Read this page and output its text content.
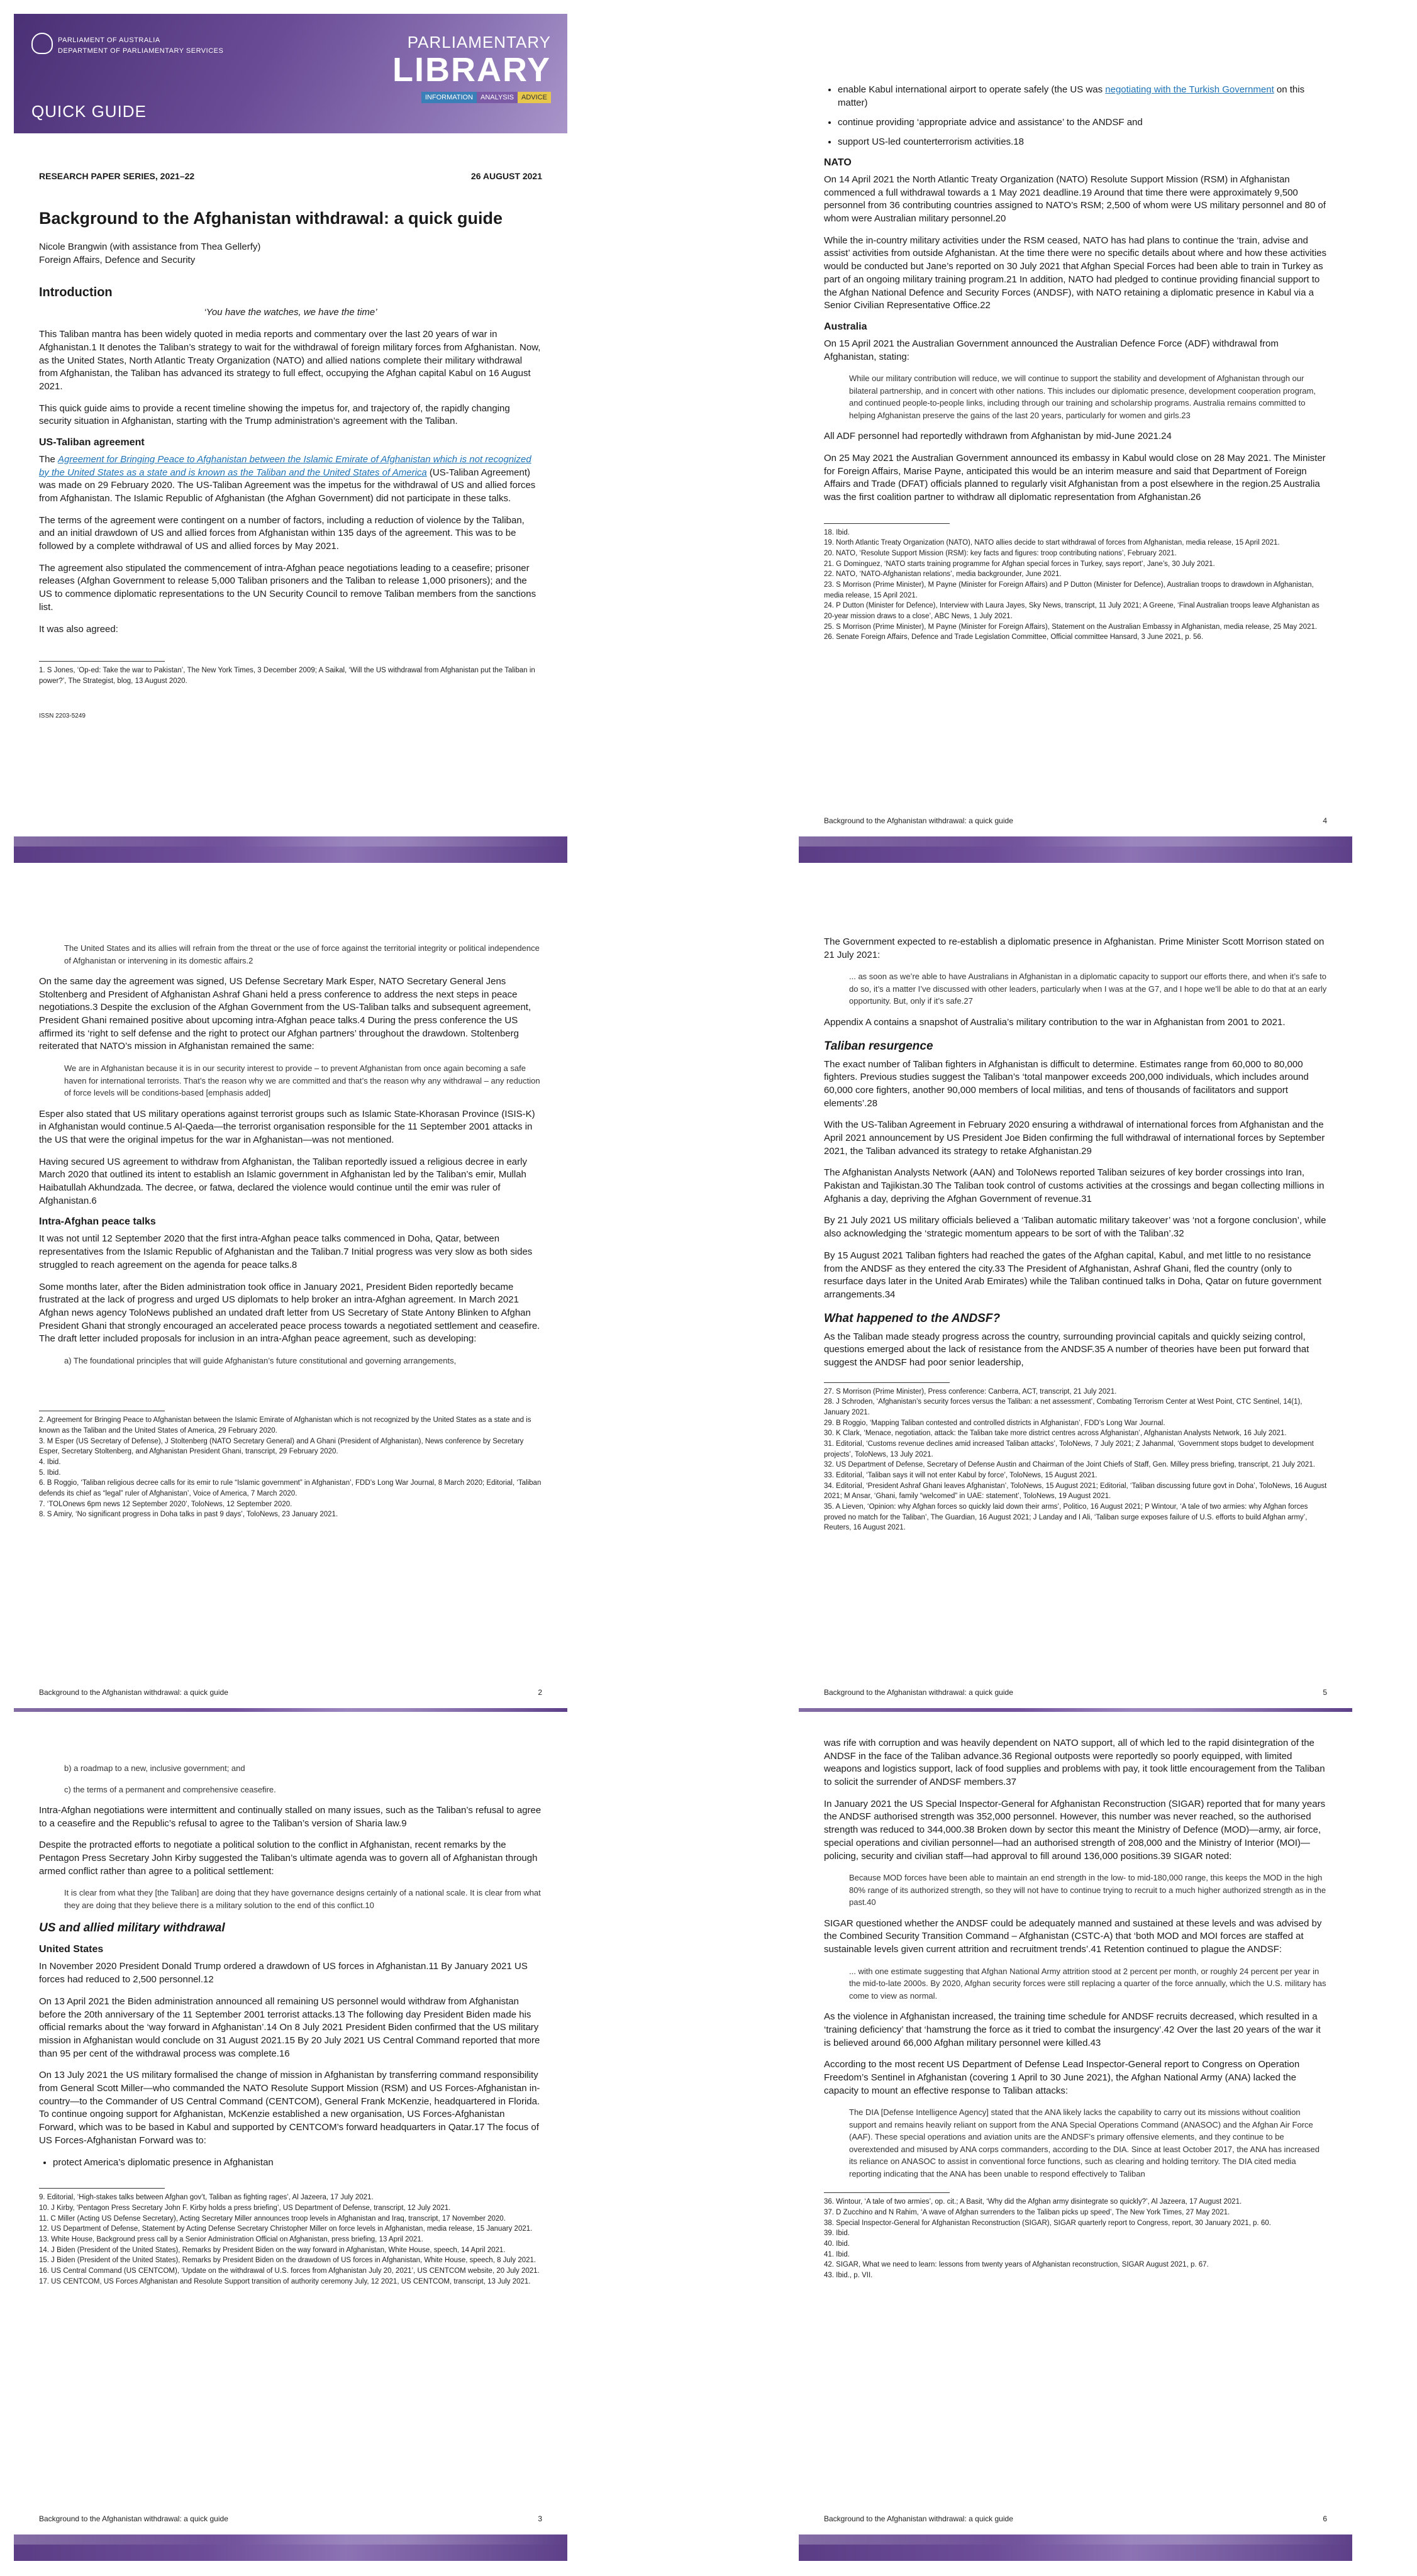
PARLIAMENT OF AUSTRALIA
DEPARTMENT OF PARLIAMENTARY SERVICES	PARLIAMENTARY
LIBRARY
INFORMATION	ANALYSIS	ADVICE
QUICK GUIDE
RESEARCH PAPER SERIES, 2021–22	26 AUGUST 2021
Background to the Afghanistan withdrawal: a quick guide

Nicole Brangwin (with assistance from Thea Gellerfy)

Foreign Affairs, Defence and Security

Introduction

‘You have the watches, we have the time’

This Taliban mantra has been widely quoted in media reports and commentary over the last 20 years of war in Afghanistan.1 It denotes the Taliban’s strategy to wait for the withdrawal of foreign military forces from Afghanistan. Now, as the United States, North Atlantic Treaty Organization (NATO) and allied nations complete their military withdrawal from Afghanistan, the Taliban has advanced its strategy to full effect, occupying the Afghan capital Kabul on 16 August 2021.

This quick guide aims to provide a recent timeline showing the impetus for, and trajectory of, the rapidly changing security situation in Afghanistan, starting with the Trump administration’s agreement with the Taliban.

US-Taliban agreement

The Agreement for Bringing Peace to Afghanistan between the Islamic Emirate of Afghanistan which is not recognized by the United States as a state and is known as the Taliban and the United States of America (US-Taliban Agreement) was made on 29 February 2020. The US-Taliban Agreement was the impetus for the withdrawal of US and allied forces from Afghanistan. The Islamic Republic of Afghanistan (the Afghan Government) did not participate in these talks.

The terms of the agreement were contingent on a number of factors, including a reduction of violence by the Taliban, and an initial drawdown of US and allied forces from Afghanistan within 135 days of the agreement. This was to be followed by a complete withdrawal of US and allied forces by May 2021.

The agreement also stipulated the commencement of intra-Afghan peace negotiations leading to a ceasefire; prisoner releases (Afghan Government to release 5,000 Taliban prisoners and the Taliban to release 1,000 prisoners); and the US to commence diplomatic representations to the UN Security Council to remove Taliban members from the sanctions list.

It was also agreed:

1. S Jones, ‘Op-ed: Take the war to Pakistan’, The New York Times, 3 December 2009; A Saikal, ‘Will the US withdrawal from Afghanistan put the Taliban in power?’, The Strategist, blog, 13 August 2020.

ISSN 2203-5249

• enable Kabul international airport to operate safely (the US was negotiating with the Turkish Government on this matter)
• continue providing ‘appropriate advice and assistance’ to the ANDSF and
• support US-led counterterrorism activities.18
NATO

On 14 April 2021 the North Atlantic Treaty Organization (NATO) Resolute Support Mission (RSM) in Afghanistan commenced a full withdrawal towards a 1 May 2021 deadline.19 Around that time there were approximately 9,500 personnel from 36 contributing countries assigned to NATO’s RSM; 2,500 of whom were US military personnel and 80 of whom were Australian military personnel.20

While the in-country military activities under the RSM ceased, NATO has had plans to continue the ‘train, advise and assist’ activities from outside Afghanistan. At the time there were no specific details about where and how these activities would be conducted but Jane’s reported on 30 July 2021 that Afghan Special Forces had been able to train in Turkey as part of an ongoing military training program.21 In addition, NATO had pledged to continue providing financial support to the Afghan National Defence and Security Forces (ANDSF), with NATO retaining a diplomatic presence in Kabul via a Senior Civilian Representative Office.22

Australia

On 15 April 2021 the Australian Government announced the Australian Defence Force (ADF) withdrawal from Afghanistan, stating:

While our military contribution will reduce, we will continue to support the stability and development of Afghanistan through our bilateral partnership, and in concert with other nations. This includes our diplomatic presence, development cooperation program, and continued people-to-people links, including through our training and scholarship programs. Australia remains committed to helping Afghanistan preserve the gains of the last 20 years, particularly for women and girls.23

All ADF personnel had reportedly withdrawn from Afghanistan by mid-June 2021.24

On 25 May 2021 the Australian Government announced its embassy in Kabul would close on 28 May 2021. The Minister for Foreign Affairs, Marise Payne, anticipated this would be an interim measure and said that Department of Foreign Affairs and Trade (DFAT) officials planned to regularly visit Afghanistan from a post elsewhere in the region.25 Australia was the first coalition partner to withdraw all diplomatic representation from Afghanistan.26

18. Ibid.

19. North Atlantic Treaty Organization (NATO), NATO allies decide to start withdrawal of forces from Afghanistan, media release, 15 April 2021.

20. NATO, ‘Resolute Support Mission (RSM): key facts and figures: troop contributing nations’, February 2021.

21. G Dominguez, ‘NATO starts training programme for Afghan special forces in Turkey, says report’, Jane’s, 30 July 2021.

22. NATO, ‘NATO-Afghanistan relations’, media backgrounder, June 2021.

23. S Morrison (Prime Minister), M Payne (Minister for Foreign Affairs) and P Dutton (Minister for Defence), Australian troops to drawdown in Afghanistan, media release, 15 April 2021.

24. P Dutton (Minister for Defence), Interview with Laura Jayes, Sky News, transcript, 11 July 2021; A Greene, ‘Final Australian troops leave Afghanistan as 20-year mission draws to a close’, ABC News, 1 July 2021.

25. S Morrison (Prime Minister), M Payne (Minister for Foreign Affairs), Statement on the Australian Embassy in Afghanistan, media release, 25 May 2021.

26. Senate Foreign Affairs, Defence and Trade Legislation Committee, Official committee Hansard, 3 June 2021, p. 56.

Background to the Afghanistan withdrawal: a quick guide	4

The United States and its allies will refrain from the threat or the use of force against the territorial integrity or political independence of Afghanistan or intervening in its domestic affairs.2

On the same day the agreement was signed, US Defense Secretary Mark Esper, NATO Secretary General Jens Stoltenberg and President of Afghanistan Ashraf Ghani held a press conference to address the next steps in peace negotiations.3 Despite the exclusion of the Afghan Government from the US-Taliban talks and subsequent agreement, President Ghani remained positive about upcoming intra-Afghan peace talks.4 During the press conference the US affirmed its ‘right to self defense and the right to protect our Afghan partners’ throughout the drawdown. Stoltenberg reiterated that NATO’s mission in Afghanistan remained the same:

We are in Afghanistan because it is in our security interest to provide – to prevent Afghanistan from once again becoming a safe haven for international terrorists. That’s the reason why we are committed and that’s the reason why any withdrawal – any reduction of force levels will be conditions-based [emphasis added]

Esper also stated that US military operations against terrorist groups such as Islamic State-Khorasan Province (ISIS-K) in Afghanistan would continue.5 Al-Qaeda—the terrorist organisation responsible for the 11 September 2001 attacks in the US that were the original impetus for the war in Afghanistan—was not mentioned.

Having secured US agreement to withdraw from Afghanistan, the Taliban reportedly issued a religious decree in early March 2020 that outlined its intent to establish an Islamic government in Afghanistan led by the Taliban’s emir, Mullah Haibatullah Akhundzada. The decree, or fatwa, declared the violence would continue until the emir was ruler of Afghanistan.6

Intra-Afghan peace talks

It was not until 12 September 2020 that the first intra-Afghan peace talks commenced in Doha, Qatar, between representatives from the Islamic Republic of Afghanistan and the Taliban.7 Initial progress was very slow as both sides struggled to reach agreement on the agenda for peace talks.8

Some months later, after the Biden administration took office in January 2021, President Biden reportedly became frustrated at the lack of progress and urged US diplomats to help broker an intra-Afghan agreement. In March 2021 Afghan news agency ToloNews published an undated draft letter from US Secretary of State Antony Blinken to Afghan President Ghani that strongly encouraged an accelerated peace process towards a negotiated settlement and ceasefire. The draft letter included proposals for inclusion in an intra-Afghan peace agreement, such as developing:

a) The foundational principles that will guide Afghanistan’s future constitutional and governing arrangements,

2. Agreement for Bringing Peace to Afghanistan between the Islamic Emirate of Afghanistan which is not recognized by the United States as a state and is known as the Taliban and the United States of America, 29 February 2020.

3. M Esper (US Secretary of Defense), J Stoltenberg (NATO Secretary General) and A Ghani (President of Afghanistan), News conference by Secretary Esper, Secretary Stoltenberg, and Afghanistan President Ghani, transcript, 29 February 2020.

4. Ibid.

5. Ibid.

6. B Roggio, ‘Taliban religious decree calls for its emir to rule “Islamic government” in Afghanistan’, FDD’s Long War Journal, 8 March 2020; Editorial, ‘Taliban defends its chief as “legal” ruler of Afghanistan’, Voice of America, 7 March 2020.

7. ‘TOLOnews 6pm news 12 September 2020’, ToloNews, 12 September 2020.

8. S Amiry, ‘No significant progress in Doha talks in past 9 days’, ToloNews, 23 January 2021.

Background to the Afghanistan withdrawal: a quick guide	2

The Government expected to re-establish a diplomatic presence in Afghanistan. Prime Minister Scott Morrison stated on 21 July 2021:

... as soon as we’re able to have Australians in Afghanistan in a diplomatic capacity to support our efforts there, and when it’s safe to do so, it’s a matter I’ve discussed with other leaders, particularly when I was at the G7, and I hope we’ll be able to do that at an early opportunity. But, only if it’s safe.27

Appendix A contains a snapshot of Australia’s military contribution to the war in Afghanistan from 2001 to 2021.

Taliban resurgence

The exact number of Taliban fighters in Afghanistan is difficult to determine. Estimates range from 60,000 to 80,000 fighters. Previous studies suggest the Taliban’s ‘total manpower exceeds 200,000 individuals, which includes around 60,000 core fighters, another 90,000 members of local militias, and tens of thousands of facilitators and support elements’.28

With the US-Taliban Agreement in February 2020 ensuring a withdrawal of international forces from Afghanistan and the April 2021 announcement by US President Joe Biden confirming the full withdrawal of international forces by September 2021, the Taliban advanced its strategy to retake Afghanistan.29

The Afghanistan Analysts Network (AAN) and ToloNews reported Taliban seizures of key border crossings into Iran, Pakistan and Tajikistan.30 The Taliban took control of customs activities at the crossings and began collecting millions in Afghanis a day, depriving the Afghan Government of revenue.31

By 21 July 2021 US military officials believed a ‘Taliban automatic military takeover’ was ‘not a forgone conclusion’, while also acknowledging the ‘strategic momentum appears to be sort of with the Taliban’.32

By 15 August 2021 Taliban fighters had reached the gates of the Afghan capital, Kabul, and met little to no resistance from the ANDSF as they entered the city.33 The President of Afghanistan, Ashraf Ghani, fled the country (only to resurface days later in the United Arab Emirates) while the Taliban continued talks in Doha, Qatar on future government arrangements.34

What happened to the ANDSF?

As the Taliban made steady progress across the country, surrounding provincial capitals and quickly seizing control, questions emerged about the lack of resistance from the ANDSF.35 A number of theories have been put forward that suggest the ANDSF had poor senior leadership,

27. S Morrison (Prime Minister), Press conference: Canberra, ACT, transcript, 21 July 2021.

28. J Schroden, ‘Afghanistan’s security forces versus the Taliban: a net assessment’, Combating Terrorism Center at West Point, CTC Sentinel, 14(1), January 2021.

29. B Roggio, ‘Mapping Taliban contested and controlled districts in Afghanistan’, FDD’s Long War Journal.

30. K Clark, ‘Menace, negotiation, attack: the Taliban take more district centres across Afghanistan’, Afghanistan Analysts Network, 16 July 2021.

31. Editorial, ‘Customs revenue declines amid increased Taliban attacks’, ToloNews, 7 July 2021; Z Jahanmal, ‘Government stops budget to development projects’, ToloNews, 13 July 2021.

32. US Department of Defense, Secretary of Defense Austin and Chairman of the Joint Chiefs of Staff, Gen. Milley press briefing, transcript, 21 July 2021.

33. Editorial, ‘Taliban says it will not enter Kabul by force’, ToloNews, 15 August 2021.

34. Editorial, ‘President Ashraf Ghani leaves Afghanistan’, ToloNews, 15 August 2021; Editorial, ‘Taliban discussing future govt in Doha’, ToloNews, 16 August 2021; M Ansar, ‘Ghani, family “welcomed” in UAE: statement’, ToloNews, 19 August 2021.

35. A Lieven, ‘Opinion: why Afghan forces so quickly laid down their arms’, Politico, 16 August 2021; P Wintour, ‘A tale of two armies: why Afghan forces proved no match for the Taliban’, The Guardian, 16 August 2021; J Landay and I Ali, ‘Taliban surge exposes failure of U.S. efforts to build Afghan army’, Reuters, 16 August 2021.

Background to the Afghanistan withdrawal: a quick guide	5

b) a roadmap to a new, inclusive government; and

c) the terms of a permanent and comprehensive ceasefire.

Intra-Afghan negotiations were intermittent and continually stalled on many issues, such as the Taliban’s refusal to agree to a ceasefire and the Republic’s refusal to agree to the Taliban’s version of Sharia law.9

Despite the protracted efforts to negotiate a political solution to the conflict in Afghanistan, recent remarks by the Pentagon Press Secretary John Kirby suggested the Taliban’s ultimate agenda was to govern all of Afghanistan through armed conflict rather than agree to a political settlement:

It is clear from what they [the Taliban] are doing that they have governance designs certainly of a national scale. It is clear from what they are doing that they believe there is a military solution to the end of this conflict.10

US and allied military withdrawal
United States

In November 2020 President Donald Trump ordered a drawdown of US forces in Afghanistan.11 By January 2021 US forces had reduced to 2,500 personnel.12

On 13 April 2021 the Biden administration announced all remaining US personnel would withdraw from Afghanistan before the 20th anniversary of the 11 September 2001 terrorist attacks.13 The following day President Biden made his official remarks about the ‘way forward in Afghanistan’.14 On 8 July 2021 President Biden confirmed that the US military mission in Afghanistan would conclude on 31 August 2021.15 By 20 July 2021 US Central Command reported that more than 95 per cent of the withdrawal process was complete.16

On 13 July 2021 the US military formalised the change of mission in Afghanistan by transferring command responsibility from General Scott Miller—who commanded the NATO Resolute Support Mission (RSM) and US Forces-Afghanistan in-country—to the Commander of US Central Command (CENTCOM), General Frank McKenzie, headquartered in Florida. To continue ongoing support for Afghanistan, McKenzie established a new organisation, US Forces-Afghanistan Forward, which was to be based in Kabul and supported by CENTCOM’s forward headquarters in Qatar.17 The focus of US Forces-Afghanistan Forward was to:

• protect America’s diplomatic presence in Afghanistan

9. Editorial, ‘High-stakes talks between Afghan gov’t, Taliban as fighting rages’, Al Jazeera, 17 July 2021.

10. J Kirby, ‘Pentagon Press Secretary John F. Kirby holds a press briefing’, US Department of Defense, transcript, 12 July 2021.

11. C Miller (Acting US Defense Secretary), Acting Secretary Miller announces troop levels in Afghanistan and Iraq, transcript, 17 November 2020.

12. US Department of Defense, Statement by Acting Defense Secretary Christopher Miller on force levels in Afghanistan, media release, 15 January 2021.

13. White House, Background press call by a Senior Administration Official on Afghanistan, press briefing, 13 April 2021.

14. J Biden (President of the United States), Remarks by President Biden on the way forward in Afghanistan, White House, speech, 14 April 2021.

15. J Biden (President of the United States), Remarks by President Biden on the drawdown of US forces in Afghanistan, White House, speech, 8 July 2021.

16. US Central Command (US CENTCOM), ‘Update on the withdrawal of U.S. forces from Afghanistan July 20, 2021’, US CENTCOM website, 20 July 2021.

17. US CENTCOM, US Forces Afghanistan and Resolute Support transition of authority ceremony July, 12 2021, US CENTCOM, transcript, 13 July 2021.

Background to the Afghanistan withdrawal: a quick guide	3

was rife with corruption and was heavily dependent on NATO support, all of which led to the rapid disintegration of the ANDSF in the face of the Taliban advance.36 Regional outposts were reportedly so poorly equipped, with limited weapons and logistics support, lack of food supplies and problems with pay, it took little encouragement from the Taliban to solicit the surrender of ANDSF members.37

In January 2021 the US Special Inspector-General for Afghanistan Reconstruction (SIGAR) reported that for many years the ANDSF authorised strength was 352,000 personnel. However, this number was never reached, so the authorised strength was reduced to 344,000.38 Broken down by sector this meant the Ministry of Defence (MOD)—army, air force, special operations and civilian personnel—had an authorised strength of 208,000 and the Ministry of Interior (MOI)—policing, security and civilian staff—had approval to fill around 136,000 positions.39 SIGAR noted:

Because MOD forces have been able to maintain an end strength in the low- to mid-180,000 range, this keeps the MOD in the high 80% range of its authorized strength, so they will not have to continue trying to recruit to a much higher authorized strength as in the past.40

SIGAR questioned whether the ANDSF could be adequately manned and sustained at these levels and was advised by the Combined Security Transition Command – Afghanistan (CSTC-A) that ‘both MOD and MOI forces are staffed at sustainable levels given current attrition and recruitment trends’.41 Retention continued to plague the ANDSF:

... with one estimate suggesting that Afghan National Army attrition stood at 2 percent per month, or roughly 24 percent per year in the mid-to-late 2000s. By 2020, Afghan security forces were still replacing a quarter of the force annually, which the U.S. military has come to view as normal.

As the violence in Afghanistan increased, the training time schedule for ANDSF recruits decreased, which resulted in a ‘training deficiency’ that ‘hamstrung the force as it tried to combat the insurgency’.42 Over the last 20 years of the war it is believed around 66,000 Afghan military personnel were killed.43

According to the most recent US Department of Defense Lead Inspector-General report to Congress on Operation Freedom’s Sentinel in Afghanistan (covering 1 April to 30 June 2021), the Afghan National Army (ANA) lacked the capacity to mount an effective response to Taliban attacks:

The DIA [Defense Intelligence Agency] stated that the ANA likely lacks the capability to carry out its missions without coalition support and remains heavily reliant on support from the ANA Special Operations Command (ANASOC) and the Afghan Air Force (AAF). These special operations and aviation units are the ANDSF’s primary offensive elements, and they continue to be overextended and misused by ANA corps commanders, according to the DIA. Since at least October 2017, the ANA has increased its reliance on ANASOC to assist in conventional force functions, such as clearing and holding territory. The DIA cited media reporting indicating that the ANA has been unable to respond effectively to Taliban

36. Wintour, ‘A tale of two armies’, op. cit.; A Basit, ‘Why did the Afghan army disintegrate so quickly?’, Al Jazeera, 17 August 2021.

37. D Zucchino and N Rahim, ‘A wave of Afghan surrenders to the Taliban picks up speed’, The New York Times, 27 May 2021.

38. Special Inspector-General for Afghanistan Reconstruction (SIGAR), SIGAR quarterly report to Congress, report, 30 January 2021, p. 60.

39. Ibid.

40. Ibid.

41. Ibid.

42. SIGAR, What we need to learn: lessons from twenty years of Afghanistan reconstruction, SIGAR August 2021, p. 67.

43. Ibid., p. VII.

Background to the Afghanistan withdrawal: a quick guide	6
